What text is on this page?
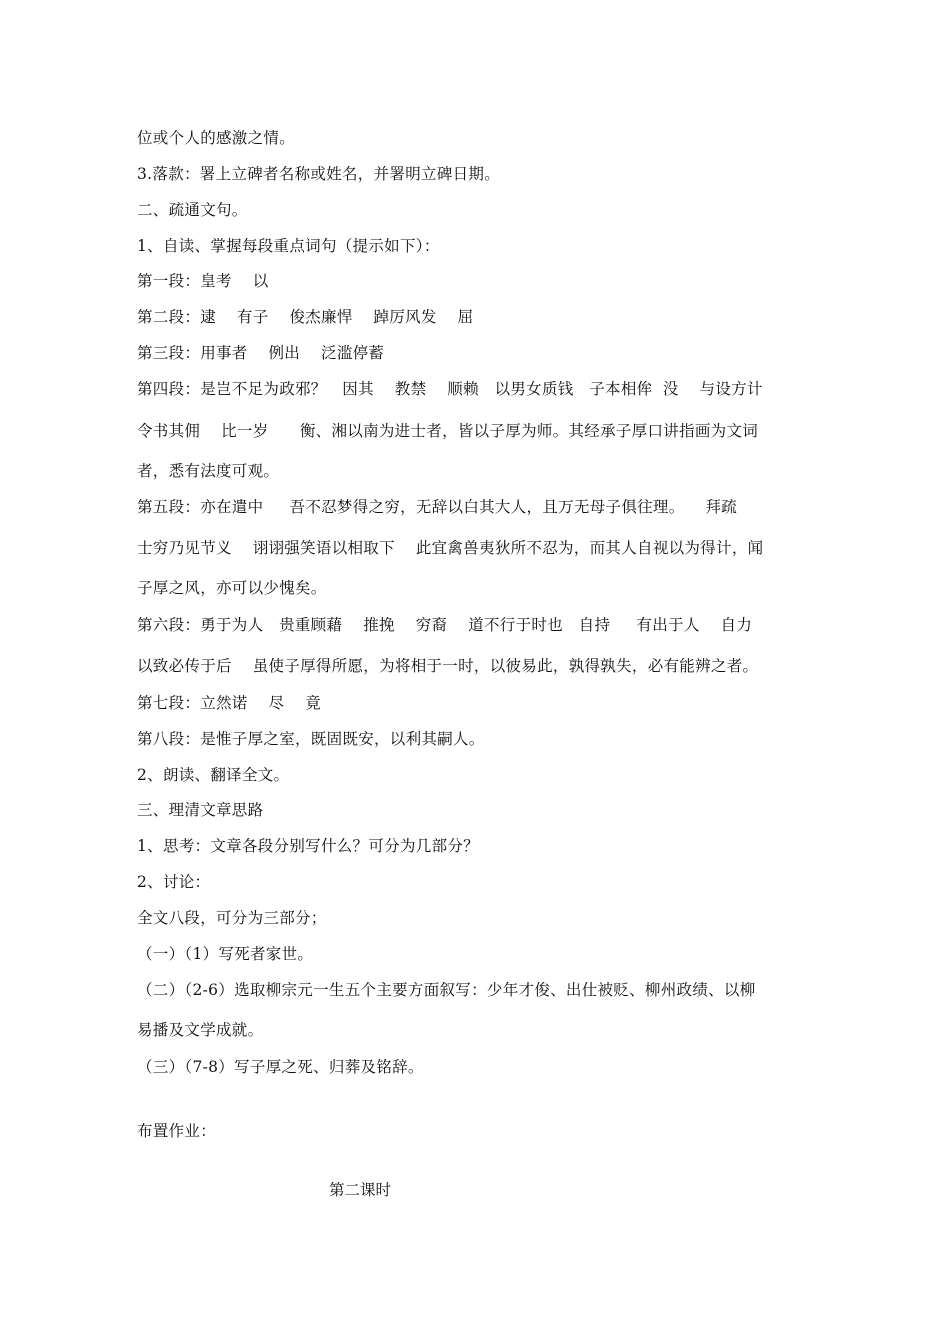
位或个人的感激之情。
3.落款：署上立碑者名称或姓名，并署明立碑日期。
二、疏通文句。
1、自读、掌握每段重点词句（提示如下）：
第一段：皇考    以
第二段：逮    有子    俊杰廉悍    踔厉风发    屈
第三段：用事者    例出    泛滥停蓄
第四段：是岂不足为政邪？   因其    教禁    顺赖   以男女质钱   子本相侔  没    与设方计
令书其佣    比一岁      衡、湘以南为进士者，皆以子厚为师。其经承子厚口讲指画为文词
者，悉有法度可观。
第五段：亦在遣中     吾不忍梦得之穷，无辞以白其大人，且万无母子俱往理。    拜疏
士穷乃见节义    诩诩强笑语以相取下    此宜禽兽夷狄所不忍为，而其人自视以为得计，闻
子厚之风，亦可以少愧矣。
第六段：勇于为人   贵重顾藉    推挽    穷裔    道不行于时也   自持     有出于人    自力
以致必传于后    虽使子厚得所愿，为将相于一时，以彼易此，孰得孰失，必有能辨之者。
第七段：立然诺    尽    竟
第八段：是惟子厚之室，既固既安，以利其嗣人。
2、朗读、翻译全文。
三、理清文章思路
1、思考：文章各段分别写什么？可分为几部分？
2、讨论：
全文八段，可分为三部分；
（一）（1）写死者家世。
（二）（2-6）选取柳宗元一生五个主要方面叙写：少年才俊、出仕被贬、柳州政绩、以柳
易播及文学成就。
（三）（7-8）写子厚之死、归葬及铭辞。
布置作业：
第二课时
